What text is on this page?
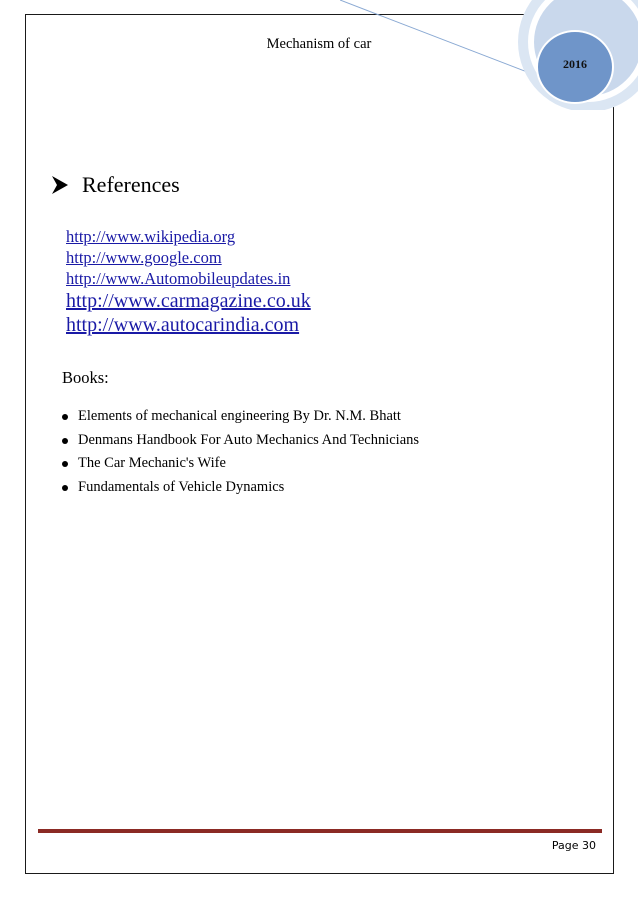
Mechanism of car
2016
References
http://www.wikipedia.org
http://www.google.com
http://www.Automobileupdates.in
http://www.carmagazine.co.uk
http://www.autocarindia.com
Books:
Elements of mechanical engineering By Dr. N.M. Bhatt
Denmans Handbook For Auto Mechanics And Technicians
The Car Mechanic's Wife
Fundamentals of Vehicle Dynamics
Page 30
